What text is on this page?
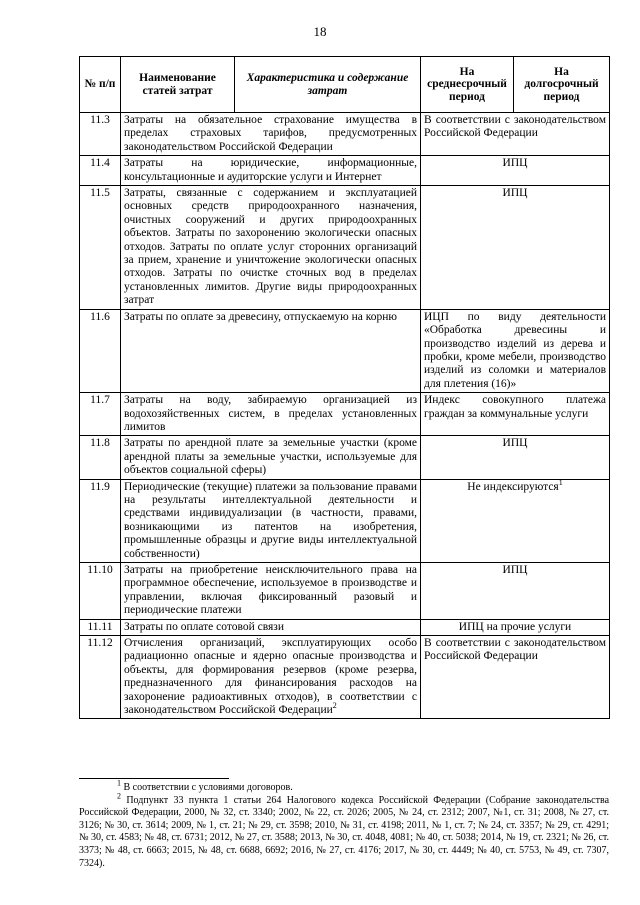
18
№ п/п	Наименование статей затрат	Характеристика и содержание затрат	На среднесрочный период	На долгосрочный период
11.3	Затраты на обязательное страхование имущества в пределах страховых тарифов, предусмотренных законодательством Российской Федерации		В соответствии с законодательством Российской Федерации	
11.4	Затраты на юридические, информационные, консультационные и аудиторские услуги и Интернет		ИПЦ	
11.5	Затраты, связанные с содержанием и эксплуатацией основных средств природоохранного назначения, очистных сооружений и других природоохранных объектов. Затраты по захоронению экологически опасных отходов. Затраты по оплате услуг сторонних организаций за прием, хранение и уничтожение экологически опасных отходов. Затраты по очистке сточных вод в пределах установленных лимитов. Другие виды природоохранных затрат		ИПЦ	
11.6	Затраты по оплате за древесину, отпускаемую на корню		ИЦП по виду деятельности «Обработка древесины и производство изделий из дерева и пробки, кроме мебели, производство изделий из соломки и материалов для плетения (16)»	
11.7	Затраты на воду, забираемую организацией из водохозяйственных систем, в пределах установленных лимитов		Индекс совокупного платежа граждан за коммунальные услуги	
11.8	Затраты по арендной плате за земельные участки (кроме арендной платы за земельные участки, используемые для объектов социальной сферы)		ИПЦ	
11.9	Периодические (текущие) платежи за пользование правами на результаты интеллектуальной деятельности и средствами индивидуализации (в частности, правами, возникающими из патентов на изобретения, промышленные образцы и другие виды интеллектуальной собственности)		Не индексируются$^1$
11.10	Затраты на приобретение неисключительного права на программное обеспечение, используемое в производстве и управлении, включая фиксированный разовый и периодические платежи		ИПЦ	
11.11	Затраты по оплате сотовой связи		ИПЦ на прочие услуги	
11.12	Отчисления организаций, эксплуатирующих особо радиационно опасные и ядерно опасные производства и объекты, для формирования резервов (кроме резерва, предназначенного для финансирования расходов на захоронение радиоактивных отходов), в соответствии с законодательством Российской Федерации$^2$		В соответствии с законодательством Российской Федерации	
$^1$ В соответствии с условиями договоров.
$^2$ Подпункт 33 пункта 1 статьи 264 Налогового кодекса Российской Федерации (Собрание законодательства Российской Федерации, 2000, № 32, ст. 3340; 2002, № 22, ст. 2026; 2005, № 24, ст. 2312; 2007, №1, ст. 31; 2008, № 27, ст. 3126; № 30, ст. 3614; 2009, № 1, ст. 21; № 29, ст. 3598; 2010, № 31, ст. 4198; 2011, № 1, ст. 7; № 24, ст. 3357; № 29, ст. 4291; № 30, ст. 4583; № 48, ст. 6731; 2012, № 27, ст. 3588; 2013, № 30, ст. 4048, 4081; № 40, ст. 5038; 2014, № 19, ст. 2321; № 26, ст. 3373; № 48, ст. 6663; 2015, № 48, ст. 6688, 6692; 2016, № 27, ст. 4176; 2017, № 30, ст. 4449; № 40, ст. 5753, № 49, ст. 7307, 7324).
